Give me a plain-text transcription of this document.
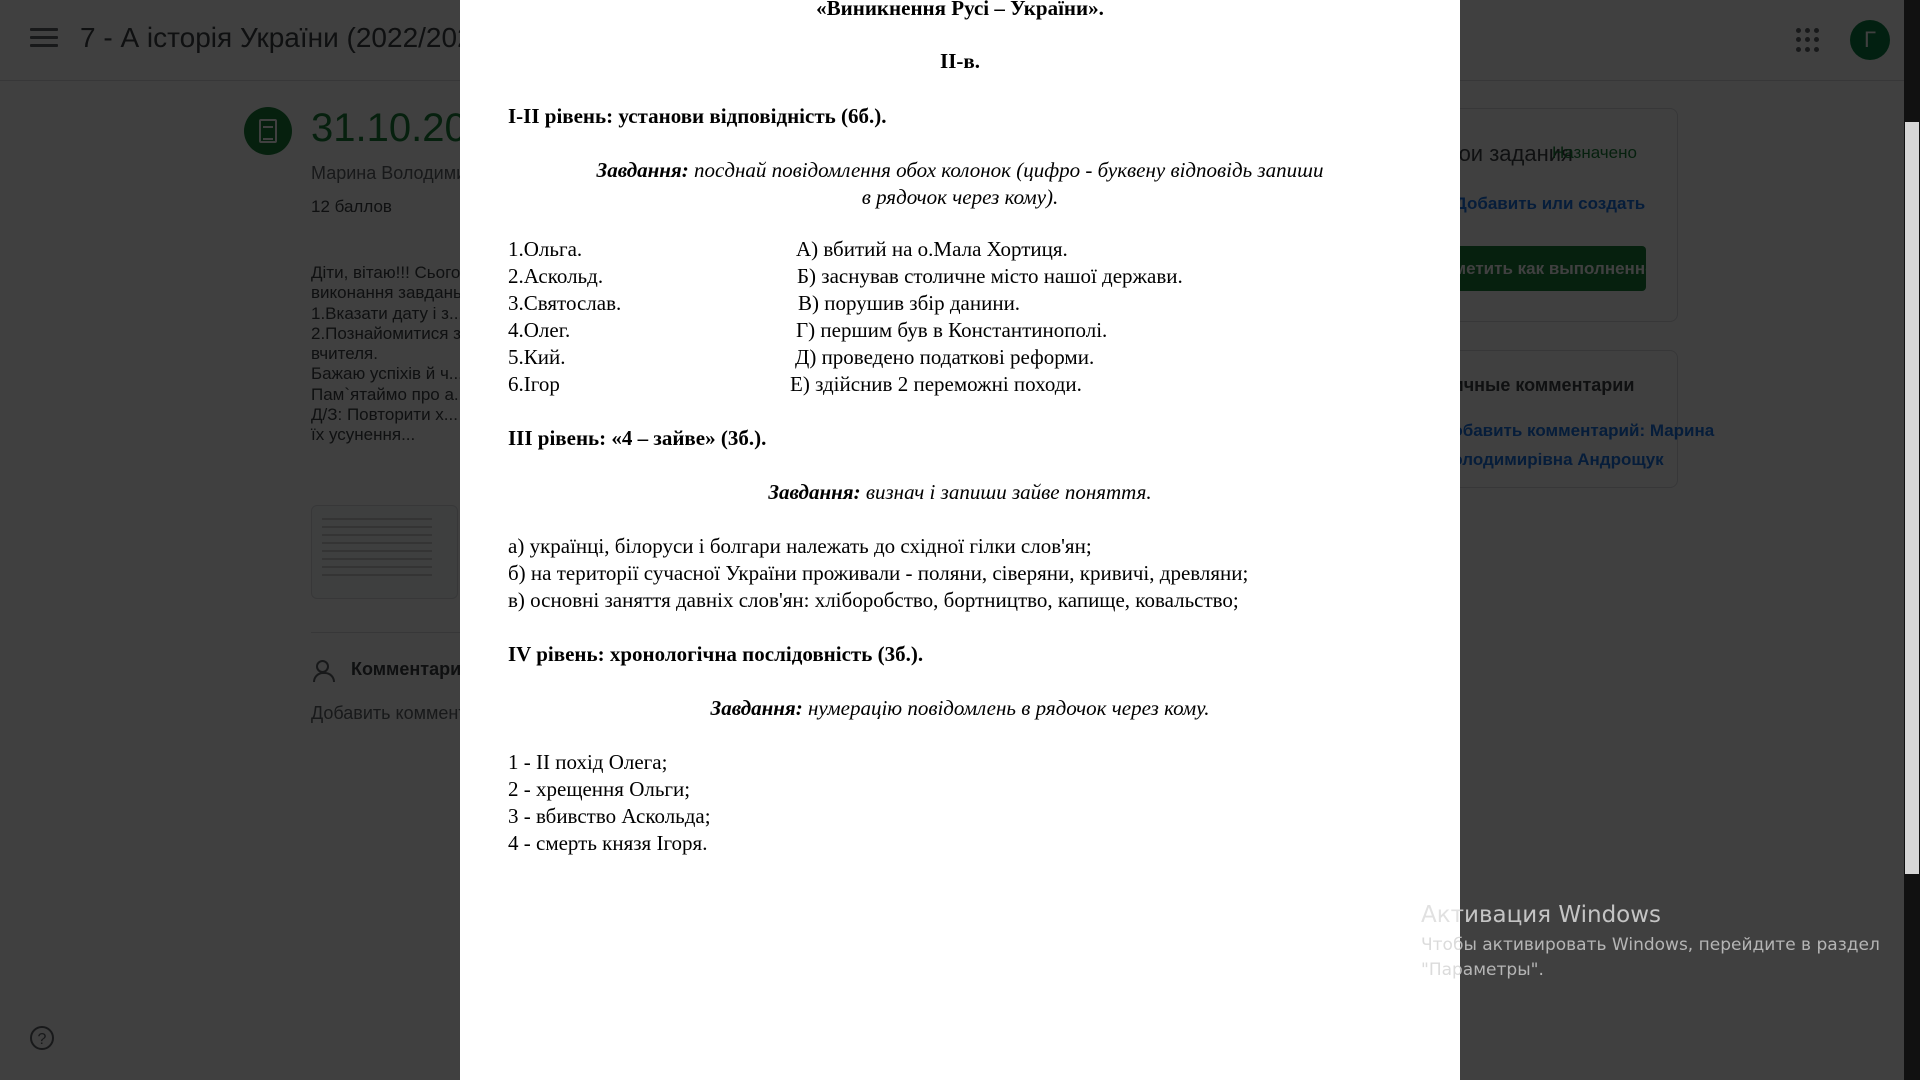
«Виникнення Русі – України».
ІІ-в.
І-ІІ рівень: установи відповідність (6б.).
Завдання: посднай повідомлення обох колонок (цифро - буквену відповідь запиши
в рядочок через кому).
1.Ольга.
2.Аскольд.
3.Святослав.
4.Олег.
5.Кий.
6.Ігор
А) вбитий на о.Мала Хортиця.
Б) заснував столичне місто нашої держави.
В) порушив збір данини.
Г) першим був в Константинополі.
Д) проведено податкові реформи.
Е) здійснив 2 переможні походи.
ІІІ рівень: «4 – зайве» (3б.).
Завдання: визнач і запиши зайве поняття.
а) українці, білоруси і болгари належать до східної гілки слов'ян;
б) на території сучасної України проживали - поляни, сіверяни, кривичі, древляни;
в) основні заняття давніх слов'ян: хліборобство, бортництво, капище, ковальство;
ІV рівень: хронологічна послідовність (3б.).
Завдання: нумерацію повідомлень в рядочок через кому.
1 - ІІ похід Олега;
2 - хрещення Ольги;
3 - вбивство Аскольда;
4 - смерть князя Ігоря.
Активация Windows
Чтобы активировать Windows, перейдите в раздел
"Параметры".
